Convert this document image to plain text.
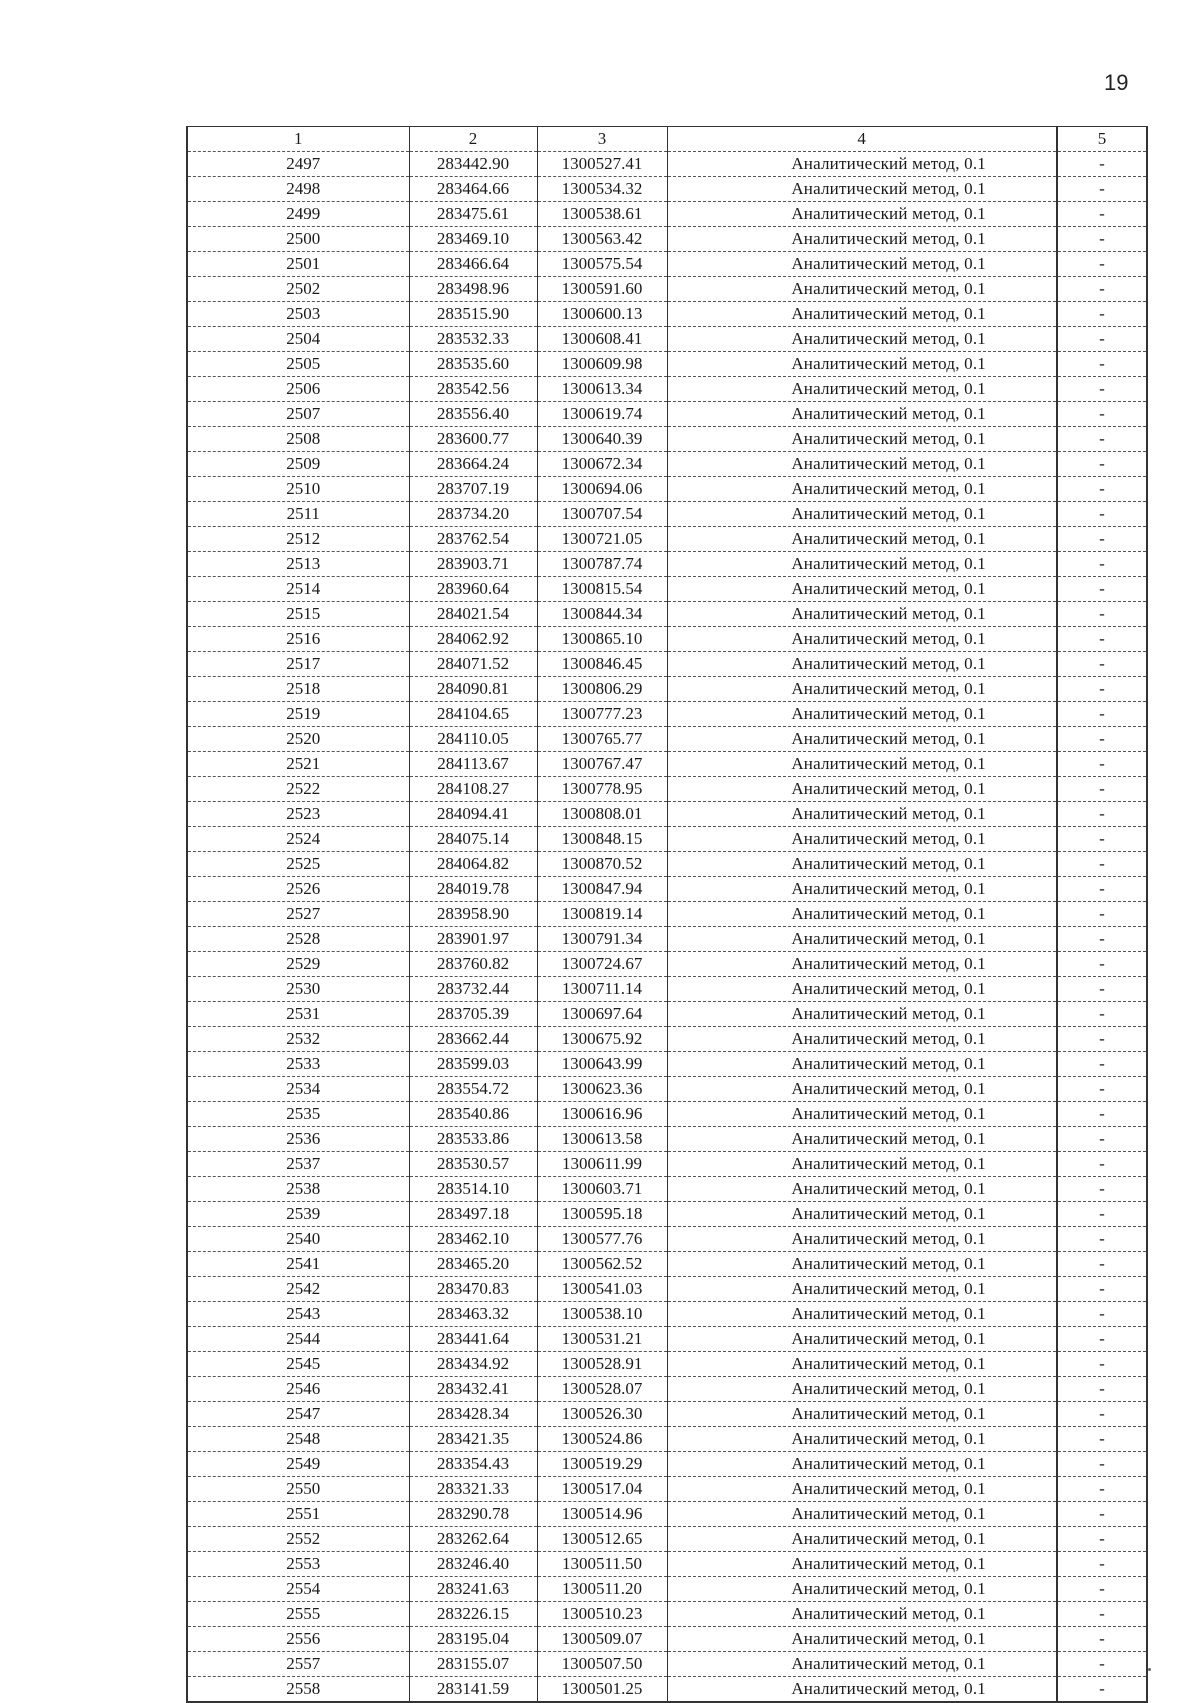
19
1	2	3	4	5
2497	283442.90	1300527.41	Аналитический метод, 0.1	-
2498	283464.66	1300534.32	Аналитический метод, 0.1	-
2499	283475.61	1300538.61	Аналитический метод, 0.1	-
2500	283469.10	1300563.42	Аналитический метод, 0.1	-
2501	283466.64	1300575.54	Аналитический метод, 0.1	-
2502	283498.96	1300591.60	Аналитический метод, 0.1	-
2503	283515.90	1300600.13	Аналитический метод, 0.1	-
2504	283532.33	1300608.41	Аналитический метод, 0.1	-
2505	283535.60	1300609.98	Аналитический метод, 0.1	-
2506	283542.56	1300613.34	Аналитический метод, 0.1	-
2507	283556.40	1300619.74	Аналитический метод, 0.1	-
2508	283600.77	1300640.39	Аналитический метод, 0.1	-
2509	283664.24	1300672.34	Аналитический метод, 0.1	-
2510	283707.19	1300694.06	Аналитический метод, 0.1	-
2511	283734.20	1300707.54	Аналитический метод, 0.1	-
2512	283762.54	1300721.05	Аналитический метод, 0.1	-
2513	283903.71	1300787.74	Аналитический метод, 0.1	-
2514	283960.64	1300815.54	Аналитический метод, 0.1	-
2515	284021.54	1300844.34	Аналитический метод, 0.1	-
2516	284062.92	1300865.10	Аналитический метод, 0.1	-
2517	284071.52	1300846.45	Аналитический метод, 0.1	-
2518	284090.81	1300806.29	Аналитический метод, 0.1	-
2519	284104.65	1300777.23	Аналитический метод, 0.1	-
2520	284110.05	1300765.77	Аналитический метод, 0.1	-
2521	284113.67	1300767.47	Аналитический метод, 0.1	-
2522	284108.27	1300778.95	Аналитический метод, 0.1	-
2523	284094.41	1300808.01	Аналитический метод, 0.1	-
2524	284075.14	1300848.15	Аналитический метод, 0.1	-
2525	284064.82	1300870.52	Аналитический метод, 0.1	-
2526	284019.78	1300847.94	Аналитический метод, 0.1	-
2527	283958.90	1300819.14	Аналитический метод, 0.1	-
2528	283901.97	1300791.34	Аналитический метод, 0.1	-
2529	283760.82	1300724.67	Аналитический метод, 0.1	-
2530	283732.44	1300711.14	Аналитический метод, 0.1	-
2531	283705.39	1300697.64	Аналитический метод, 0.1	-
2532	283662.44	1300675.92	Аналитический метод, 0.1	-
2533	283599.03	1300643.99	Аналитический метод, 0.1	-
2534	283554.72	1300623.36	Аналитический метод, 0.1	-
2535	283540.86	1300616.96	Аналитический метод, 0.1	-
2536	283533.86	1300613.58	Аналитический метод, 0.1	-
2537	283530.57	1300611.99	Аналитический метод, 0.1	-
2538	283514.10	1300603.71	Аналитический метод, 0.1	-
2539	283497.18	1300595.18	Аналитический метод, 0.1	-
2540	283462.10	1300577.76	Аналитический метод, 0.1	-
2541	283465.20	1300562.52	Аналитический метод, 0.1	-
2542	283470.83	1300541.03	Аналитический метод, 0.1	-
2543	283463.32	1300538.10	Аналитический метод, 0.1	-
2544	283441.64	1300531.21	Аналитический метод, 0.1	-
2545	283434.92	1300528.91	Аналитический метод, 0.1	-
2546	283432.41	1300528.07	Аналитический метод, 0.1	-
2547	283428.34	1300526.30	Аналитический метод, 0.1	-
2548	283421.35	1300524.86	Аналитический метод, 0.1	-
2549	283354.43	1300519.29	Аналитический метод, 0.1	-
2550	283321.33	1300517.04	Аналитический метод, 0.1	-
2551	283290.78	1300514.96	Аналитический метод, 0.1	-
2552	283262.64	1300512.65	Аналитический метод, 0.1	-
2553	283246.40	1300511.50	Аналитический метод, 0.1	-
2554	283241.63	1300511.20	Аналитический метод, 0.1	-
2555	283226.15	1300510.23	Аналитический метод, 0.1	-
2556	283195.04	1300509.07	Аналитический метод, 0.1	-
2557	283155.07	1300507.50	Аналитический метод, 0.1	-
2558	283141.59	1300501.25	Аналитический метод, 0.1	-
